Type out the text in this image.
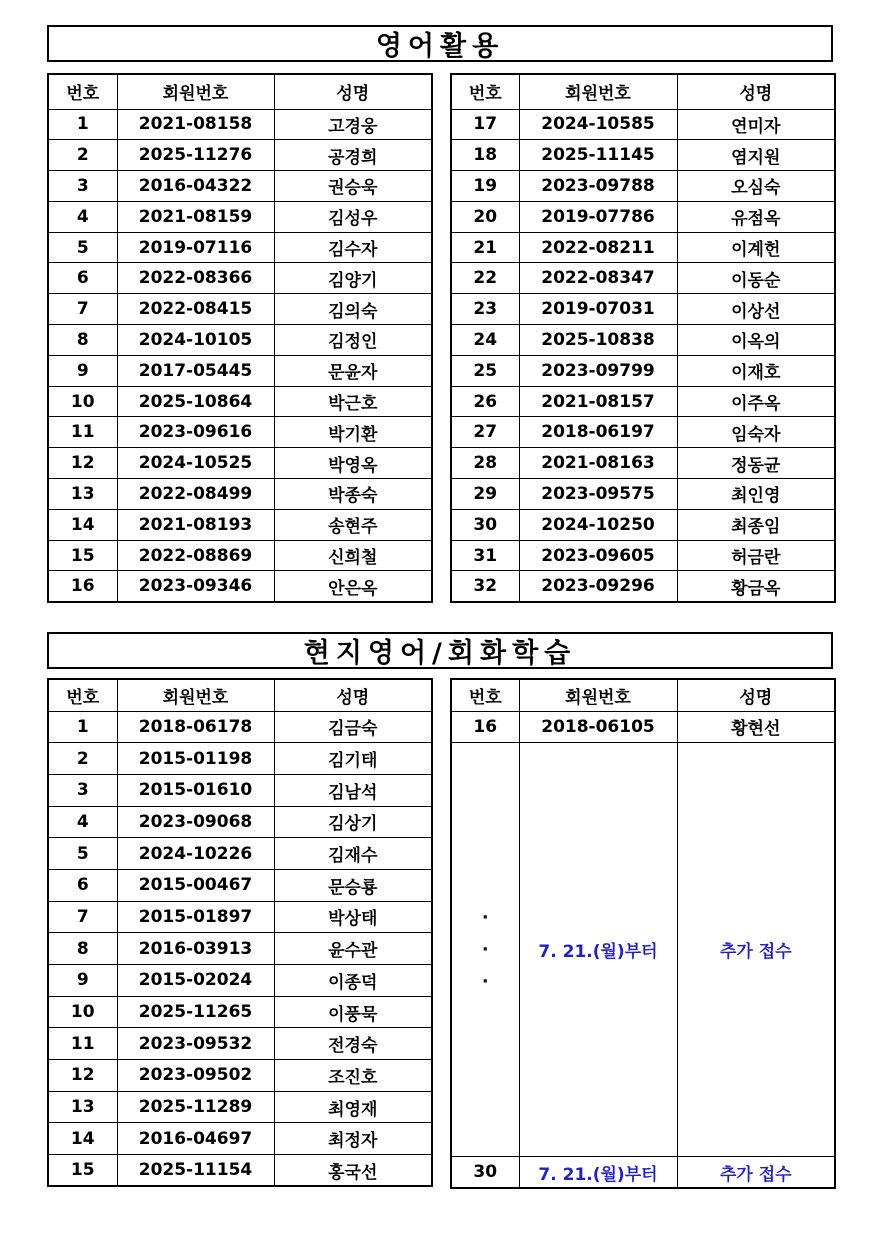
영어활용
번호	회원번호	성명
1	2021-08158	고경웅
2	2025-11276	공경희
3	2016-04322	권승욱
4	2021-08159	김성우
5	2019-07116	김수자
6	2022-08366	김양기
7	2022-08415	김의숙
8	2024-10105	김정인
9	2017-05445	문윤자
10	2025-10864	박근호
11	2023-09616	박기환
12	2024-10525	박영옥
13	2022-08499	박종숙
14	2021-08193	송현주
15	2022-08869	신희철
16	2023-09346	안은옥
번호	회원번호	성명
17	2024-10585	연미자
18	2025-11145	염지원
19	2023-09788	오심숙
20	2019-07786	유점옥
21	2022-08211	이계헌
22	2022-08347	이동순
23	2019-07031	이상선
24	2025-10838	이옥의
25	2023-09799	이재호
26	2021-08157	이주옥
27	2018-06197	임숙자
28	2021-08163	정동균
29	2023-09575	최인영
30	2024-10250	최종임
31	2023-09605	허금란
32	2023-09296	황금옥
현지영어/회화학습
번호	회원번호	성명
1	2018-06178	김금숙
2	2015-01198	김기태
3	2015-01610	김남석
4	2023-09068	김상기
5	2024-10226	김재수
6	2015-00467	문승룡
7	2015-01897	박상태
8	2016-03913	윤수관
9	2015-02024	이종덕
10	2025-11265	이풍묵
11	2023-09532	전경숙
12	2023-09502	조진호
13	2025-11289	최영재
14	2016-04697	최정자
15	2025-11154	홍국선
번호	회원번호	성명
16	2018-06105	황현선

·
·
·	7. 21.(월)부터	추가 접수
30	7. 21.(월)부터	추가 접수
